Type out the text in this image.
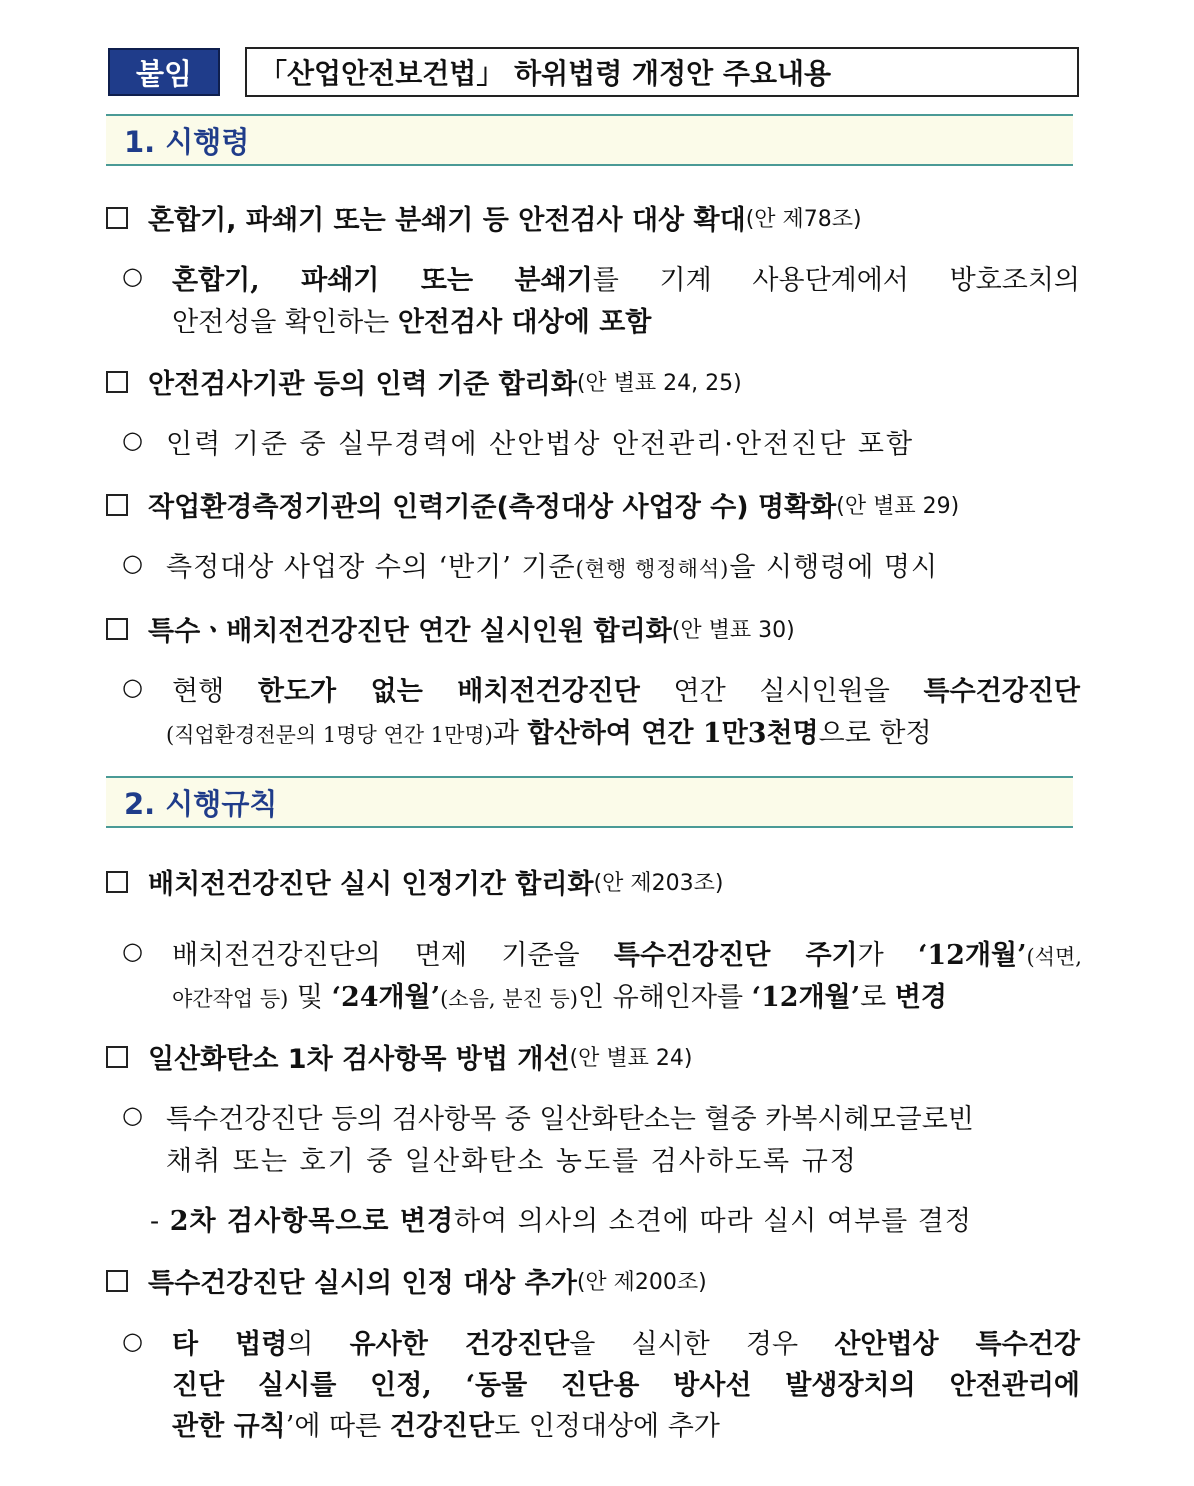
붙임	「산업안전보건법」 하위법령 개정안 주요내용
1. 시행령
혼합기, 파쇄기 또는 분쇄기 등 안전검사 대상 확대 (안 제78조)
○ 혼합기, 파쇄기 또는 분쇄기를 기계 사용단계에서 방호조치의
안전성을 확인하는 안전검사 대상에 포함
안전검사기관 등의 인력 기준 합리화 (안 별표 24, 25)
○ 인력 기준 중 실무경력에 산안법상 안전관리·안전진단 포함
작업환경측정기관의 인력기준(측정대상 사업장 수) 명확화 (안 별표 29)
○ 측정대상 사업장 수의 ‘반기’ 기준(현행 행정해석)을 시행령에 명시
특수ㆍ배치전건강진단 연간 실시인원 합리화 (안 별표 30)
○ 현행 한도가 없는 배치전건강진단 연간 실시인원을 특수건강진단
(직업환경전문의 1명당 연간 1만명)과 합산하여 연간 1만3천명으로 한정
2. 시행규칙
배치전건강진단 실시 인정기간 합리화 (안 제203조)
○ 배치전건강진단의 면제 기준을 특수건강진단 주기가 ‘12개월’(석면,
야간작업 등) 및 ‘24개월’(소음, 분진 등)인 유해인자를 ‘12개월’로 변경
일산화탄소 1차 검사항목 방법 개선 (안 별표 24)
○ 특수건강진단 등의 검사항목 중 일산화탄소는 혈중 카복시헤모글로빈
채취 또는 호기 중 일산화탄소 농도를 검사하도록 규정
- 2차 검사항목으로 변경하여 의사의 소견에 따라 실시 여부를 결정
특수건강진단 실시의 인정 대상 추가 (안 제200조)
○ 타 법령의 유사한 건강진단을 실시한 경우 산안법상 특수건강
진단 실시를 인정, ‘동물 진단용 방사선 발생장치의 안전관리에
관한 규칙’에 따른 건강진단도 인정대상에 추가
